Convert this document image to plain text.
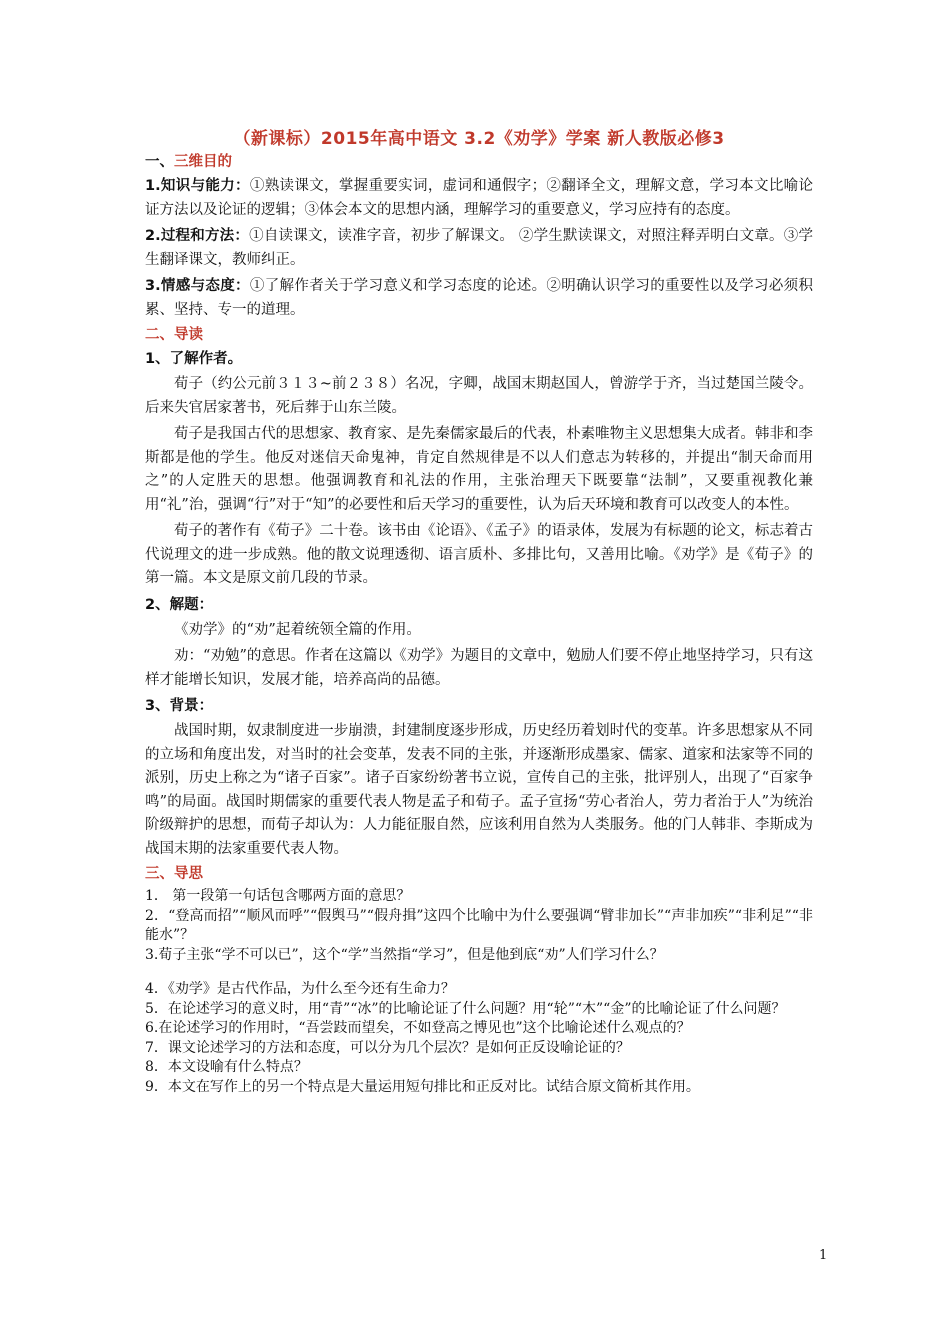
（新课标）2015年高中语文 3.2《劝学》学案 新人教版必修3
一、三维目的

1.知识与能力：①熟读课文，掌握重要实词，虚词和通假字；②翻译全文，理解文意，学习本文比喻论证方法以及论证的逻辑；③体会本文的思想内涵，理解学习的重要意义，学习应持有的态度。

2.过程和方法：①自读课文，读准字音，初步了解课文。 ②学生默读课文，对照注释弄明白文章。③学生翻译课文，教师纠正。

3.情感与态度：①了解作者关于学习意义和学习态度的论述。②明确认识学习的重要性以及学习必须积累、坚持、专一的道理。

二、导读
1、了解作者。

荀子（约公元前３１３~前２３８）名况，字卿，战国末期赵国人，曾游学于齐，当过楚国兰陵令。后来失官居家著书，死后葬于山东兰陵。

荀子是我国古代的思想家、教育家、是先秦儒家最后的代表，朴素唯物主义思想集大成者。韩非和李斯都是他的学生。他反对迷信天命鬼神，肯定自然规律是不以人们意志为转移的，并提出“制天命而用之”的人定胜天的思想。他强调教育和礼法的作用，主张治理天下既要靠“法制”，又要重视教化兼用“礼”治，强调“行”对于“知”的必要性和后天学习的重要性，认为后天环境和教育可以改变人的本性。

荀子的著作有《荀子》二十卷。该书由《论语》、《孟子》的语录体，发展为有标题的论文，标志着古代说理文的进一步成熟。他的散文说理透彻、语言质朴、多排比句，又善用比喻。《劝学》是《荀子》的第一篇。本文是原文前几段的节录。

2、解题：

《劝学》的“劝”起着统领全篇的作用。

劝：“劝勉”的意思。作者在这篇以《劝学》为题目的文章中，勉励人们要不停止地坚持学习，只有这样才能增长知识，发展才能，培养高尚的品德。

3、背景：

战国时期，奴隶制度进一步崩溃，封建制度逐步形成，历史经历着划时代的变革。许多思想家从不同的立场和角度出发，对当时的社会变革，发表不同的主张，并逐渐形成墨家、儒家、道家和法家等不同的派别，历史上称之为“诸子百家”。诸子百家纷纷著书立说，宣传自己的主张，批评别人，出现了“百家争鸣”的局面。战国时期儒家的重要代表人物是孟子和荀子。孟子宣扬“劳心者治人，劳力者治于人”为统治阶级辩护的思想，而荀子却认为：人力能征服自然，应该利用自然为人类服务。他的门人韩非、李斯成为战国末期的法家重要代表人物。

三、导思

1． 第一段第一句话包含哪两方面的意思？

2．“登高而招”“顺风而呼”“假舆马”“假舟揖”这四个比喻中为什么要强调“臂非加长”“声非加疾”“非利足”“非能水”？

3.荀子主张“学不可以已”，这个“学”当然指“学习”，但是他到底“劝”人们学习什么？

4．《劝学》是古代作品，为什么至今还有生命力？

5．在论述学习的意义时，用“青”“冰”的比喻论证了什么问题？用“轮”“木”“金”的比喻论证了什么问题？

6.在论述学习的作用时，“吾尝跂而望矣，不如登高之博见也”这个比喻论述什么观点的？

7．课文论述学习的方法和态度，可以分为几个层次？是如何正反设喻论证的？

8．本文设喻有什么特点？

9．本文在写作上的另一个特点是大量运用短句排比和正反对比。试结合原文简析其作用。

1
